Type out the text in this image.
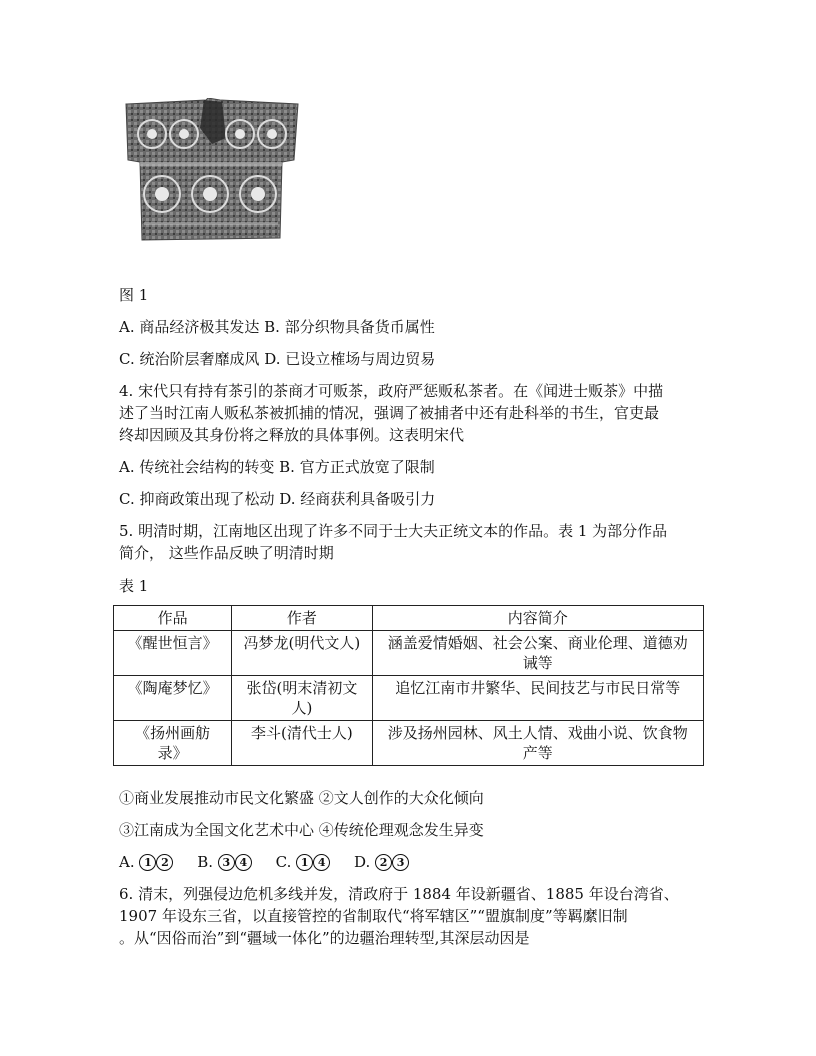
图 1
A. 商品经济极其发达 B. 部分织物具备货币属性
C. 统治阶层奢靡成风 D. 已设立榷场与周边贸易
4. 宋代只有持有茶引的茶商才可贩茶，政府严惩贩私茶者。在《闻进士贩茶》中描
述了当时江南人贩私茶被抓捕的情况，强调了被捕者中还有赴科举的书生，官吏最
终却因顾及其身份将之释放的具体事例。这表明宋代
A. 传统社会结构的转变 B. 官方正式放宽了限制
C. 抑商政策出现了松动 D. 经商获利具备吸引力
5. 明清时期，江南地区出现了许多不同于士大夫正统文本的作品。表 1 为部分作品
简介， 这些作品反映了明清时期
表 1
作品	作者	内容简介
《醒世恒言》	冯梦龙(明代文人)	涵盖爱情婚姻、社会公案、商业伦理、道德劝诫等
《陶庵梦忆》	张岱(明末清初文人)	追忆江南市井繁华、民间技艺与市民日常等
《扬州画舫录》	李斗(清代士人)	涉及扬州园林、风土人情、戏曲小说、饮食物产等
①商业发展推动市民文化繁盛 ②文人创作的大众化倾向
③江南成为全国文化艺术中心 ④传统伦理观念发生异变
A. 1 2 B. 3 4 C. 1 4 D. 2 3
6. 清末，列强侵边危机多线并发，清政府于 1884 年设新疆省、1885 年设台湾省、
1907 年设东三省，以直接管控的省制取代“将军辖区”“盟旗制度”等羁縻旧制
。从“因俗而治”到“疆域一体化”的边疆治理转型,其深层动因是
